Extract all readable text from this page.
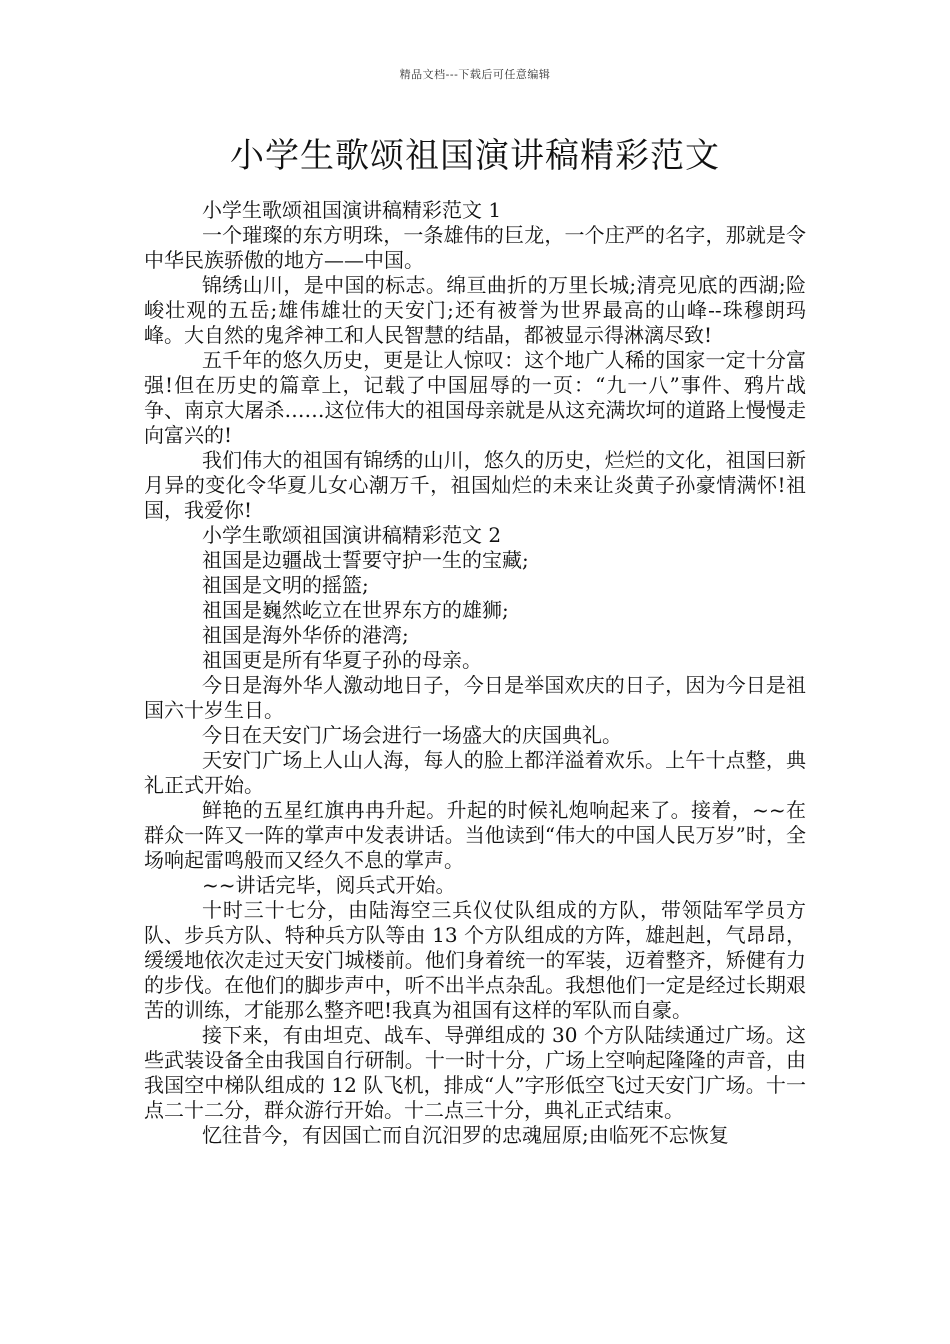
精品文档---下载后可任意编辑
小学生歌颂祖国演讲稿精彩范文

小学生歌颂祖国演讲稿精彩范文 1

一个璀璨的东方明珠，一条雄伟的巨龙，一个庄严的名字，那就是令中华民族骄傲的地方——中国。

锦绣山川，是中国的标志。绵亘曲折的万里长城;清亮见底的西湖;险峻壮观的五岳;雄伟雄壮的天安门;还有被誉为世界最高的山峰--珠穆朗玛峰。大自然的鬼斧神工和人民智慧的结晶，都被显示得淋漓尽致!

五千年的悠久历史，更是让人惊叹：这个地广人稀的国家一定十分富强!但在历史的篇章上，记载了中国屈辱的一页：“九一八”事件、鸦片战争、南京大屠杀……这位伟大的祖国母亲就是从这充满坎坷的道路上慢慢走向富兴的!

我们伟大的祖国有锦绣的山川，悠久的历史，烂烂的文化，祖国曰新月异的变化令华夏儿女心潮万千，祖国灿烂的未来让炎黄子孙豪情满怀!祖国，我爱你!

小学生歌颂祖国演讲稿精彩范文 2

祖国是边疆战士誓要守护一生的宝藏;

祖国是文明的摇篮;

祖国是巍然屹立在世界东方的雄狮;

祖国是海外华侨的港湾;

祖国更是所有华夏子孙的母亲。

今日是海外华人激动地日子，今日是举国欢庆的日子，因为今日是祖国六十岁生日。

今日在天安门广场会进行一场盛大的庆国典礼。

天安门广场上人山人海，每人的脸上都洋溢着欢乐。上午十点整，典礼正式开始。

鲜艳的五星红旗冉冉升起。升起的时候礼炮响起来了。接着，~~在群众一阵又一阵的掌声中发表讲话。当他读到“伟大的中国人民万岁”时，全场响起雷鸣般而又经久不息的掌声。

~~讲话完毕，阅兵式开始。

十时三十七分，由陆海空三兵仪仗队组成的方队，带领陆军学员方队、步兵方队、特种兵方队等由 13 个方队组成的方阵，雄赳赳，气昂昂，缓缓地依次走过天安门城楼前。他们身着统一的军装，迈着整齐，矫健有力的步伐。在他们的脚步声中，听不出半点杂乱。我想他们一定是经过长期艰苦的训练，才能那么整齐吧!我真为祖国有这样的军队而自豪。

接下来，有由坦克、战车、导弹组成的 30 个方队陆续通过广场。这些武装设备全由我国自行研制。十一时十分，广场上空响起隆隆的声音，由我国空中梯队组成的 12 队飞机，排成“人”字形低空飞过天安门广场。十一点二十二分，群众游行开始。十二点三十分，典礼正式结束。

忆往昔今，有因国亡而自沉汨罗的忠魂屈原;由临死不忘恢复
